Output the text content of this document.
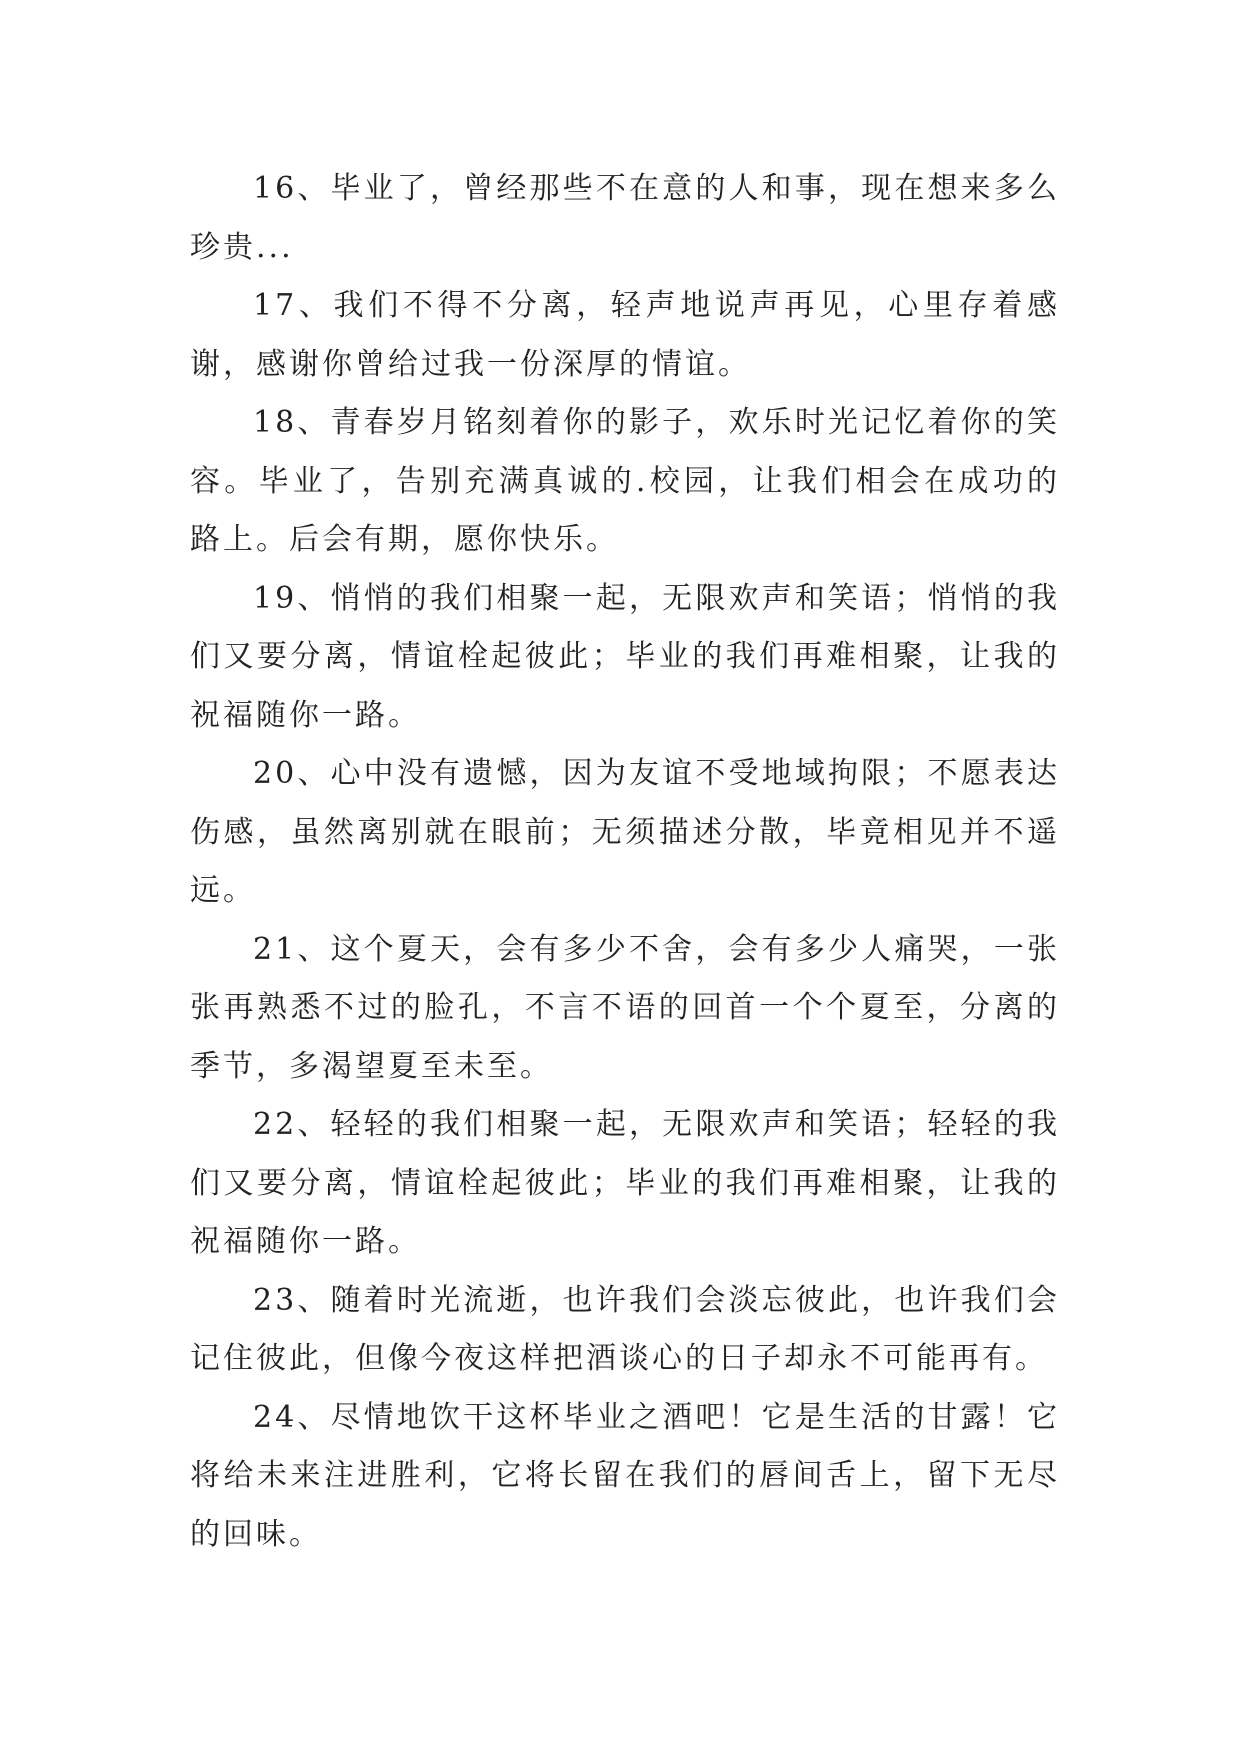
16、毕业了，曾经那些不在意的人和事，现在想来多么珍贵...

17、我们不得不分离，轻声地说声再见，心里存着感谢，感谢你曾给过我一份深厚的情谊。

18、青春岁月铭刻着你的影子，欢乐时光记忆着你的笑容。毕业了，告别充满真诚的.校园，让我们相会在成功的路上。后会有期，愿你快乐。

19、悄悄的我们相聚一起，无限欢声和笑语；悄悄的我们又要分离，情谊栓起彼此；毕业的我们再难相聚，让我的祝福随你一路。

20、心中没有遗憾，因为友谊不受地域拘限；不愿表达伤感，虽然离别就在眼前；无须描述分散，毕竟相见并不遥远。

21、这个夏天，会有多少不舍，会有多少人痛哭，一张张再熟悉不过的脸孔，不言不语的回首一个个夏至，分离的季节，多渴望夏至未至。

22、轻轻的我们相聚一起，无限欢声和笑语；轻轻的我们又要分离，情谊栓起彼此；毕业的我们再难相聚，让我的祝福随你一路。

23、随着时光流逝，也许我们会淡忘彼此，也许我们会记住彼此，但像今夜这样把酒谈心的日子却永不可能再有。

24、尽情地饮干这杯毕业之酒吧！它是生活的甘露！它将给未来注进胜利，它将长留在我们的唇间舌上，留下无尽的回味。
